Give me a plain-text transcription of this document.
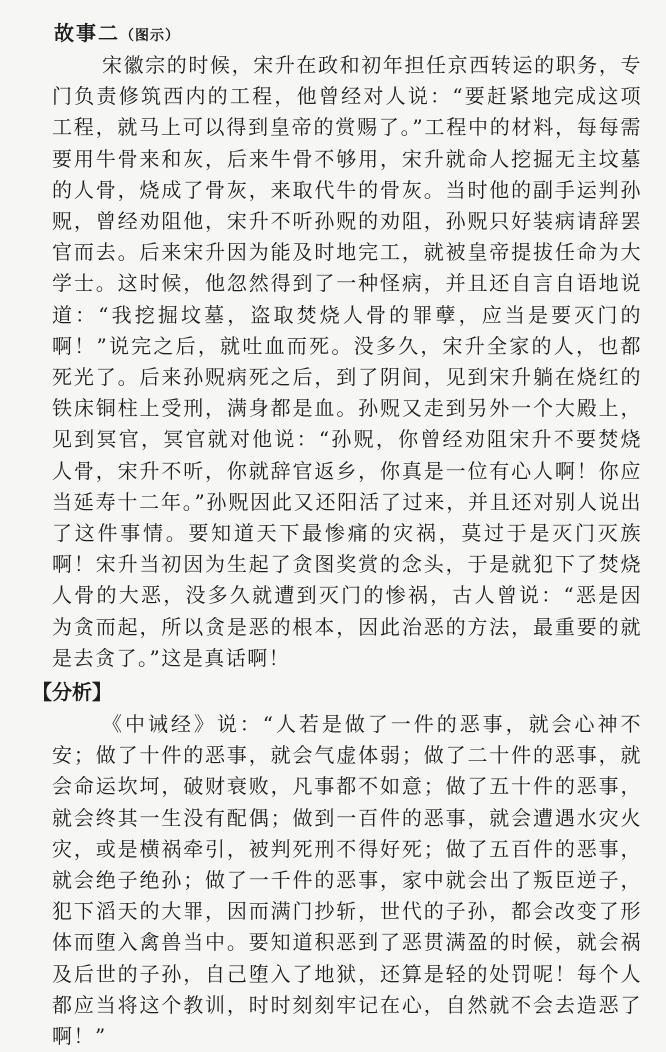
故事二（图示）

宋徽宗的时候，宋升在政和初年担任京西转运的职务，专门负责修筑西内的工程，他曾经对人说：“要赶紧地完成这项工程，就马上可以得到皇帝的赏赐了。”工程中的材料，每每需要用牛骨来和灰，后来牛骨不够用，宋升就命人挖掘无主坟墓的人骨，烧成了骨灰，来取代牛的骨灰。当时他的副手运判孙贶，曾经劝阻他，宋升不听孙贶的劝阻，孙贶只好装病请辞罢官而去。后来宋升因为能及时地完工，就被皇帝提拔任命为大学士。这时候，他忽然得到了一种怪病，并且还自言自语地说道：“我挖掘坟墓，盗取焚烧人骨的罪孽，应当是要灭门的啊！”说完之后，就吐血而死。没多久，宋升全家的人，也都死光了。后来孙贶病死之后，到了阴间，见到宋升躺在烧红的铁床铜柱上受刑，满身都是血。孙贶又走到另外一个大殿上，见到冥官，冥官就对他说：“孙贶，你曾经劝阻宋升不要焚烧人骨，宋升不听，你就辞官返乡，你真是一位有心人啊！你应当延寿十二年。”孙贶因此又还阳活了过来，并且还对别人说出了这件事情。要知道天下最惨痛的灾祸，莫过于是灭门灭族啊！宋升当初因为生起了贪图奖赏的念头，于是就犯下了焚烧人骨的大恶，没多久就遭到灭门的惨祸，古人曾说：“恶是因为贪而起，所以贪是恶的根本，因此治恶的方法，最重要的就是去贪了。”这是真话啊！

【分析】

《中诫经》说：“人若是做了一件的恶事，就会心神不安；做了十件的恶事，就会气虚体弱；做了二十件的恶事，就会命运坎坷，破财衰败，凡事都不如意；做了五十件的恶事，就会终其一生没有配偶；做到一百件的恶事，就会遭遇水灾火灾，或是横祸牵引，被判死刑不得好死；做了五百件的恶事，就会绝子绝孙；做了一千件的恶事，家中就会出了叛臣逆子，犯下滔天的大罪，因而满门抄斩，世代的子孙，都会改变了形体而堕入禽兽当中。要知道积恶到了恶贯满盈的时候，就会祸及后世的子孙，自己堕入了地狱，还算是轻的处罚呢！每个人都应当将这个教训，时时刻刻牢记在心，自然就不会去造恶了啊！”
